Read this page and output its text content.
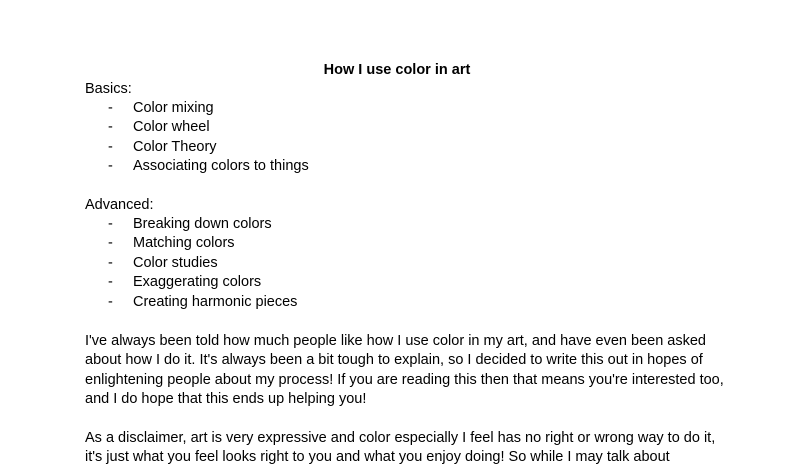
How I use color in art
Basics:
- Color mixing
- Color wheel
- Color Theory
- Associating colors to things
Advanced:
- Breaking down colors
- Matching colors
- Color studies
- Exaggerating colors
- Creating harmonic pieces

I've always been told how much people like how I use color in my art, and have even been asked about how I do it. It's always been a bit tough to explain, so I decided to write this out in hopes of enlightening people about my process! If you are reading this then that means you're interested too, and I do hope that this ends up helping you!

As a disclaimer, art is very expressive and color especially I feel has no right or wrong way to do it, it's just what you feel looks right to you and what you enjoy doing! So while I may talk about
